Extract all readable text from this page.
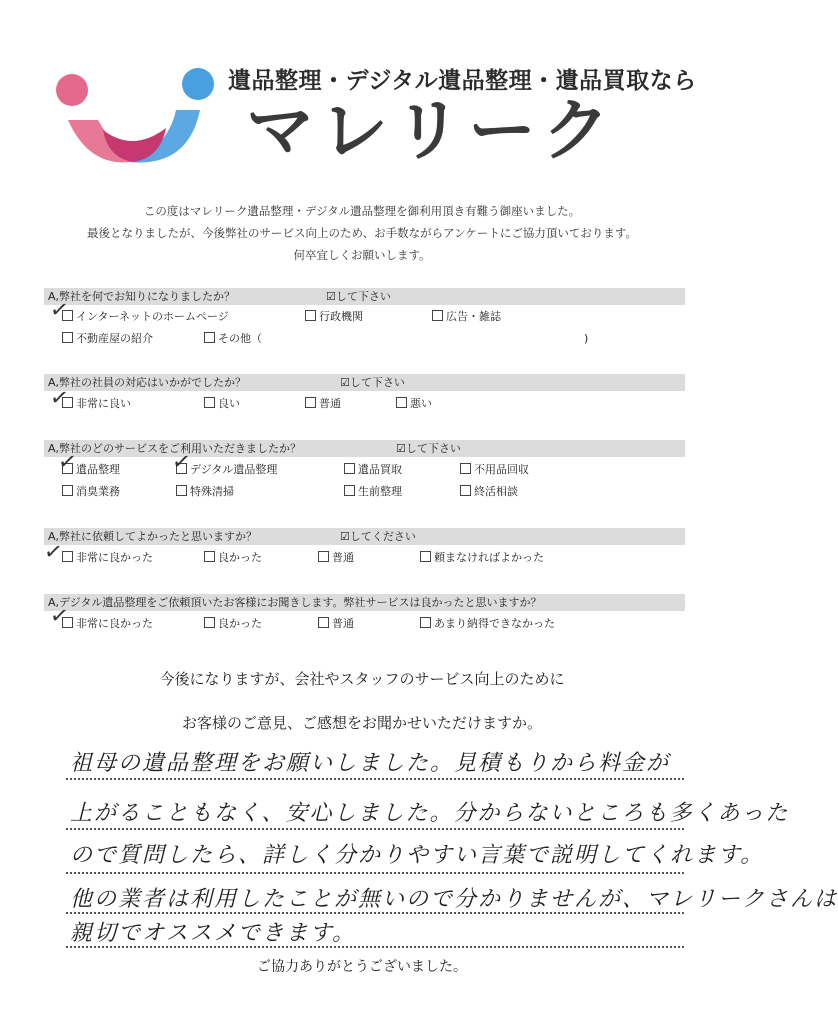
遺品整理・デジタル遺品整理・遺品買取なら
マレリーク
この度はマレリーク遺品整理・デジタル遺品整理を御利用頂き有難う御座いました。
最後となりましたが、今後弊社のサービス向上のため、お手数ながらアンケートにご協力頂いております。
何卒宜しくお願いします。
A,弊社を何でお知りになりましたか？	☑して下さい
インターネットのホームページ	行政機関	広告・雑誌
不動産屋の紹介	その他（	)
✓
A,弊社の社員の対応はいかがでしたか？	☑して下さい
非常に良い	良い	普通	悪い
✓
A,弊社のどのサービスをご利用いただきましたか？	☑して下さい
遺品整理	デジタル遺品整理	遺品買取	不用品回収
消臭業務	特殊清掃	生前整理	終活相談
✓	✓
A,弊社に依頼してよかったと思いますか？	☑してください
非常に良かった	良かった	普通	頼まなければよかった
✓
A,デジタル遺品整理をご依頼頂いたお客様にお聞きします。弊社サービスは良かったと思いますか？
非常に良かった	良かった	普通	あまり納得できなかった
✓
今後になりますが、会社やスタッフのサービス向上のために
お客様のご意見、ご感想をお聞かせいただけますか。
祖母の遺品整理をお願いしました。見積もりから料金が
上がることもなく、安心しました。分からないところも多くあった
ので質問したら、詳しく分かりやすい言葉で説明してくれます。
他の業者は利用したことが無いので分かりませんが、マレリークさんは
親切でオススメできます。
ご協力ありがとうございました。
